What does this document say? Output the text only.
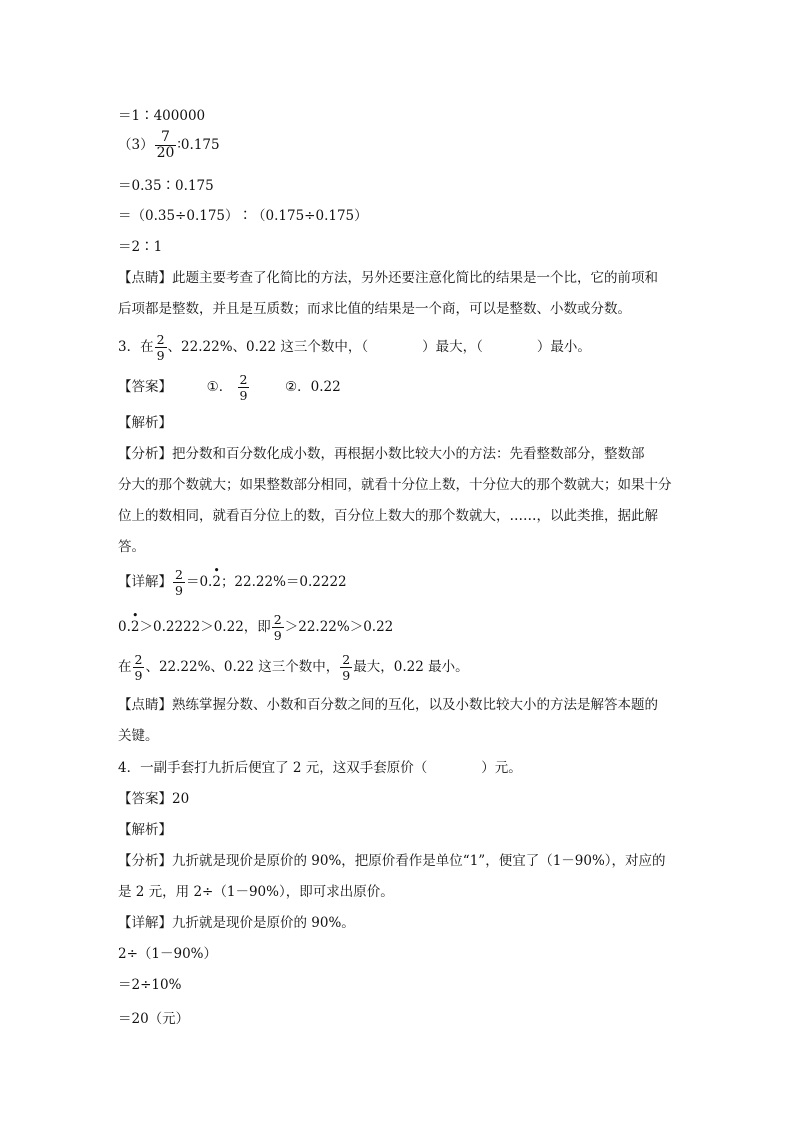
＝1∶400000
$(3) \frac{7}{20}$ ∶0.175
＝0.35∶0.175
＝（0.35÷0.175）∶（0.175÷0.175）
＝2∶1
【点睛】此题主要考查了化简比的方法，另外还要注意化简比的结果是一个比，它的前项和
后项都是整数，并且是互质数；而求比值的结果是一个商，可以是整数、小数或分数。
3．在 $\frac{2}{9}$ 、22.22%、0.22 这三个数中，（　　　　）最大，（　　　　）最小。
【答案】	①． $\frac{2}{9}$	②．0.22
【解析】
【分析】把分数和百分数化成小数，再根据小数比较大小的方法：先看整数部分，整数部
分大的那个数就大；如果整数部分相同，就看十分位上数，十分位大的那个数就大；如果十分
位上的数相同，就看百分位上的数，百分位上数大的那个数就大，……，以此类推，据此解
答。
【详解】 $\frac{2}{9} =0$.
•
2；22.22%＝0.2222
0.
•
2＞0.2222＞0.22，即 $\frac{2}{9} >22.22\%>0.22$
在 $\frac{2}{9}$ 、22.22%、0.22 这三个数中， $\frac{2}{9}$ 最大，0.22 最小。
【点睛】熟练掌握分数、小数和百分数之间的互化，以及小数比较大小的方法是解答本题的
关键。
4．一副手套打九折后便宜了 2 元，这双手套原价（　　　　）元。
【答案】20
【解析】
【分析】九折就是现价是原价的 90%，把原价看作是单位“1”，便宜了（1－90%），对应的
是 2 元，用 2÷（1－90%），即可求出原价。
【详解】九折就是现价是原价的 90%。
2÷（1－90%）
＝2÷10%
＝20（元）
